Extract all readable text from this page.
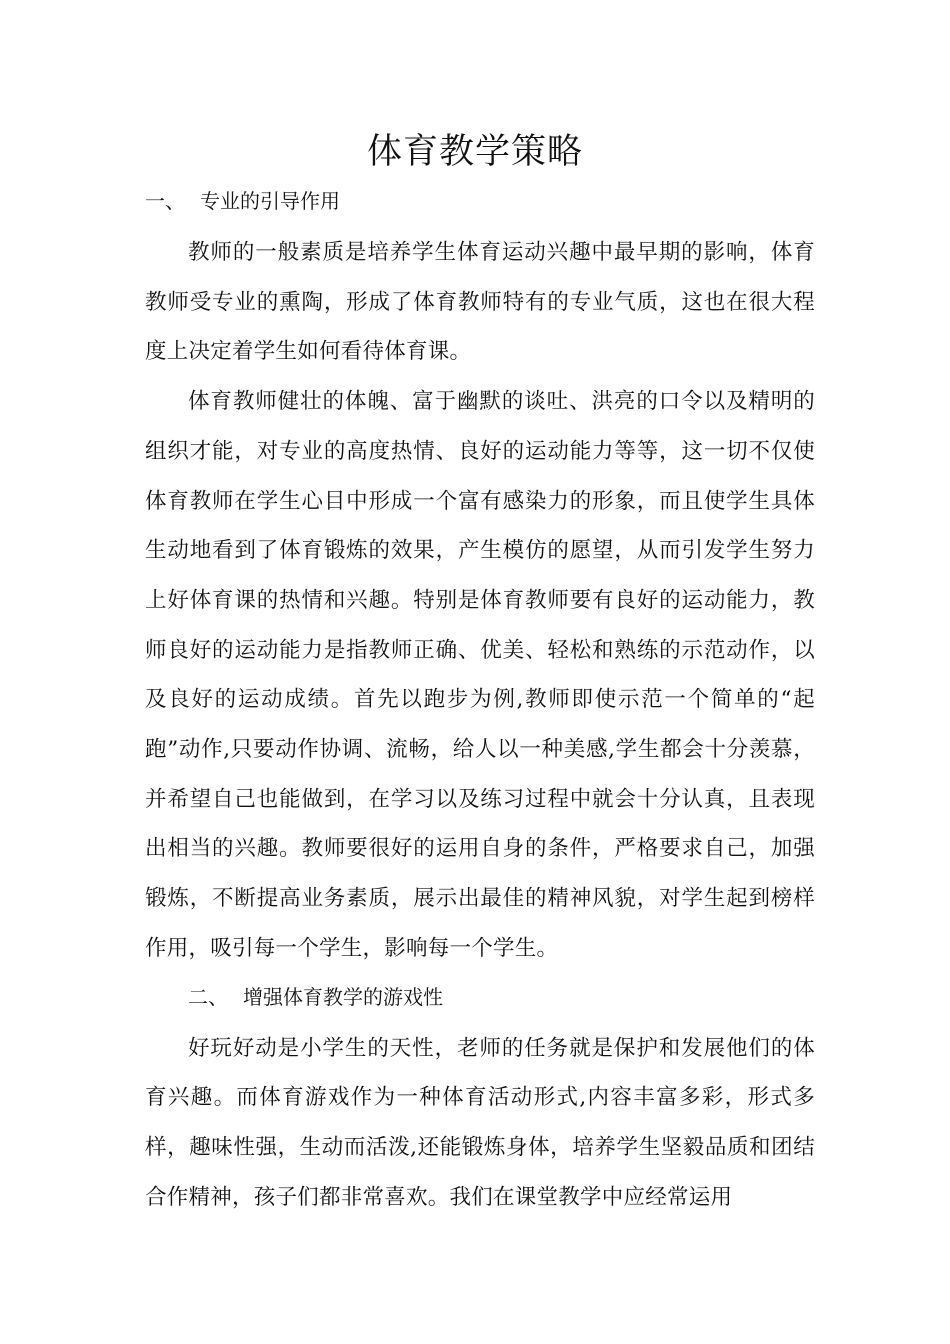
体育教学策略
一、 专业的引导作用

教师的一般素质是培养学生体育运动兴趣中最早期的影响，体育教师受专业的熏陶，形成了体育教师特有的专业气质，这也在很大程度上决定着学生如何看待体育课。

体育教师健壮的体魄、富于幽默的谈吐、洪亮的口令以及精明的组织才能，对专业的高度热情、良好的运动能力等等，这一切不仅使体育教师在学生心目中形成一个富有感染力的形象，而且使学生具体生动地看到了体育锻炼的效果，产生模仿的愿望，从而引发学生努力上好体育课的热情和兴趣。特别是体育教师要有良好的运动能力，教师良好的运动能力是指教师正确、优美、轻松和熟练的示范动作，以及良好的运动成绩。首先以跑步为例,教师即使示范一个简单的“起跑”动作,只要动作协调、流畅，给人以一种美感,学生都会十分羡慕，并希望自己也能做到，在学习以及练习过程中就会十分认真，且表现出相当的兴趣。教师要很好的运用自身的条件，严格要求自己，加强锻炼，不断提高业务素质，展示出最佳的精神风貌，对学生起到榜样作用，吸引每一个学生，影响每一个学生。

二、 增强体育教学的游戏性

好玩好动是小学生的天性，老师的任务就是保护和发展他们的体育兴趣。而体育游戏作为一种体育活动形式,内容丰富多彩，形式多样，趣味性强，生动而活泼,还能锻炼身体，培养学生坚毅品质和团结合作精神，孩子们都非常喜欢。我们在课堂教学中应经常运用
